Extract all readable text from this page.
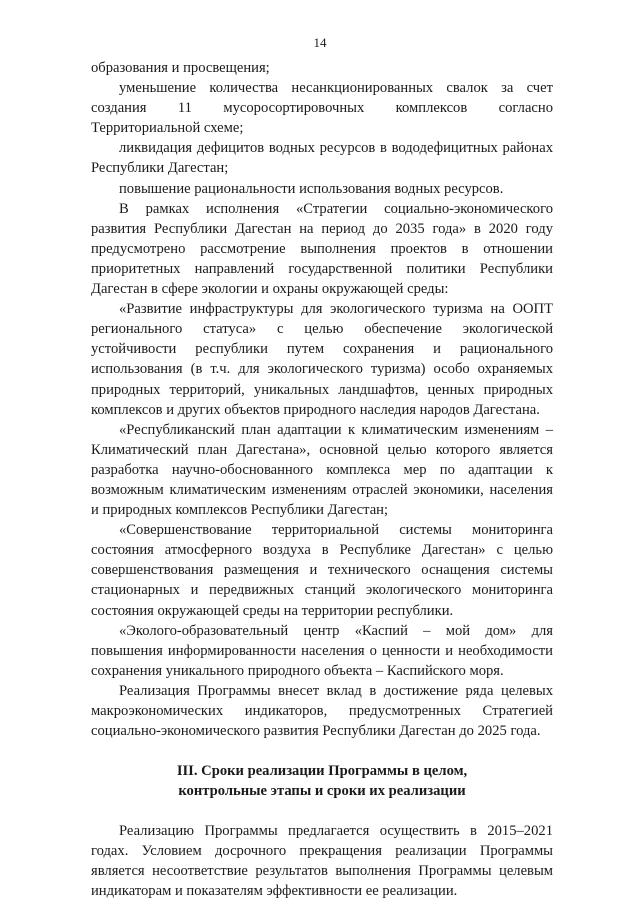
14

образования и просвещения;

уменьшение количества несанкционированных свалок за счет создания 11 мусоросортировочных комплексов согласно Территориальной схеме;

ликвидация дефицитов водных ресурсов в вододефицитных районах Республики Дагестан;

повышение рациональности использования водных ресурсов.

В рамках исполнения «Стратегии социально-экономического развития Республики Дагестан на период до 2035 года» в 2020 году предусмотрено рассмотрение выполнения проектов в отношении приоритетных направлений государственной политики Республики Дагестан в сфере экологии и охраны окружающей среды:

«Развитие инфраструктуры для экологического туризма на ООПТ регионального статуса» с целью обеспечение экологической устойчивости республики путем сохранения и рационального использования (в т.ч. для экологического туризма) особо охраняемых природных территорий, уникальных ландшафтов, ценных природных комплексов и других объектов природного наследия народов Дагестана.

«Республиканский план адаптации к климатическим изменениям – Климатический план Дагестана», основной целью которого является разработка научно-обоснованного комплекса мер по адаптации к возможным климатическим изменениям отраслей экономики, населения и природных комплексов Республики Дагестан;

«Совершенствование территориальной системы мониторинга состояния атмосферного воздуха в Республике Дагестан» с целью совершенствования размещения и технического оснащения системы стационарных и передвижных станций экологического мониторинга состояния окружающей среды на территории республики.

«Эколого-образовательный центр «Каспий – мой дом» для повышения информированности населения о ценности и необходимости сохранения уникального природного объекта – Каспийского моря.

Реализация Программы внесет вклад в достижение ряда целевых макроэкономических индикаторов, предусмотренных Стратегией социально-экономического развития Республики Дагестан до 2025 года.

III. Сроки реализации Программы в целом,
контрольные этапы и сроки их реализации

Реализацию Программы предлагается осуществить в 2015–2021 годах. Условием досрочного прекращения реализации Программы является несоответствие результатов выполнения Программы целевым индикаторам и показателям эффективности ее реализации.
